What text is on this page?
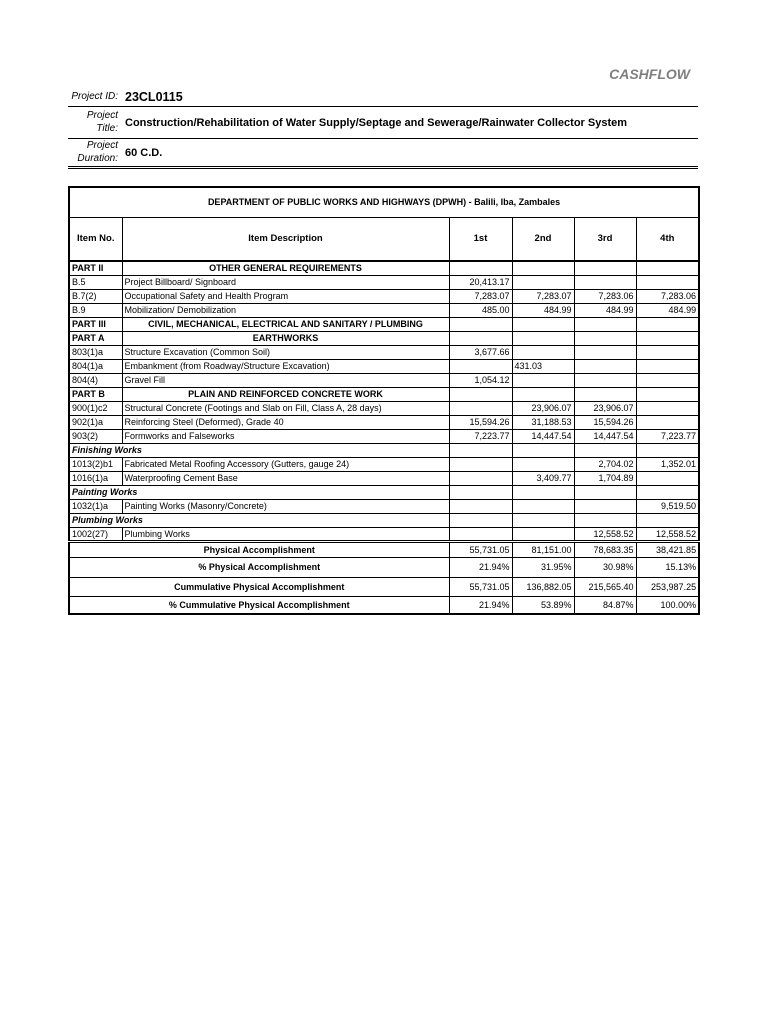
CASHFLOW
Project ID: 23CL0115
Project
Title: Construction/Rehabilitation of Water Supply/Septage and Sewerage/Rainwater Collector System
Project
Duration: 60 C.D.
DEPARTMENT OF PUBLIC WORKS AND HIGHWAYS (DPWH) - Balili, Iba, Zambales					
Item No.	Item Description	1st	2nd	3rd	4th
PART II	OTHER GENERAL REQUIREMENTS				
B.5	Project Billboard/ Signboard	20,413.17			
B.7(2)	Occupational Safety and Health Program	7,283.07	7,283.07	7,283.06	7,283.06
B.9	Mobilization/ Demobilization	485.00	484.99	484.99	484.99
PART III	CIVIL, MECHANICAL, ELECTRICAL AND SANITARY / PLUMBING				
PART A	EARTHWORKS				
803(1)a	Structure Excavation (Common Soil)	3,677.66			
804(1)a	Embankment (from Roadway/Structure Excavation)		431.03		
804(4)	Gravel Fill	1,054.12			
PART B	PLAIN AND REINFORCED CONCRETE WORK				
900(1)c2	Structural Concrete (Footings and Slab on Fill, Class A, 28 days)		23,906.07	23,906.07	
902(1)a	Reinforcing Steel (Deformed), Grade 40	15,594.26	31,188.53	15,594.26	
903(2)	Formworks and Falseworks	7,223.77	14,447.54	14,447.54	7,223.77
Finishing Works					
1013(2)b1	Fabricated Metal Roofing Accessory (Gutters, gauge 24)			2,704.02	1,352.01
1016(1)a	Waterproofing Cement Base		3,409.77	1,704.89	
Painting Works					
1032(1)a	Painting Works (Masonry/Concrete)				9,519.50
Plumbing Works					
1002(27)	Plumbing Works			12,558.52	12,558.52
Physical Accomplishment		55,731.05	81,151.00	78,683.35	38,421.85
% Physical Accomplishment		21.94%	31.95%	30.98%	15.13%
Cummulative Physical Accomplishment		55,731.05	136,882.05	215,565.40	253,987.25
% Cummulative Physical Accomplishment		21.94%	53.89%	84.87%	100.00%
